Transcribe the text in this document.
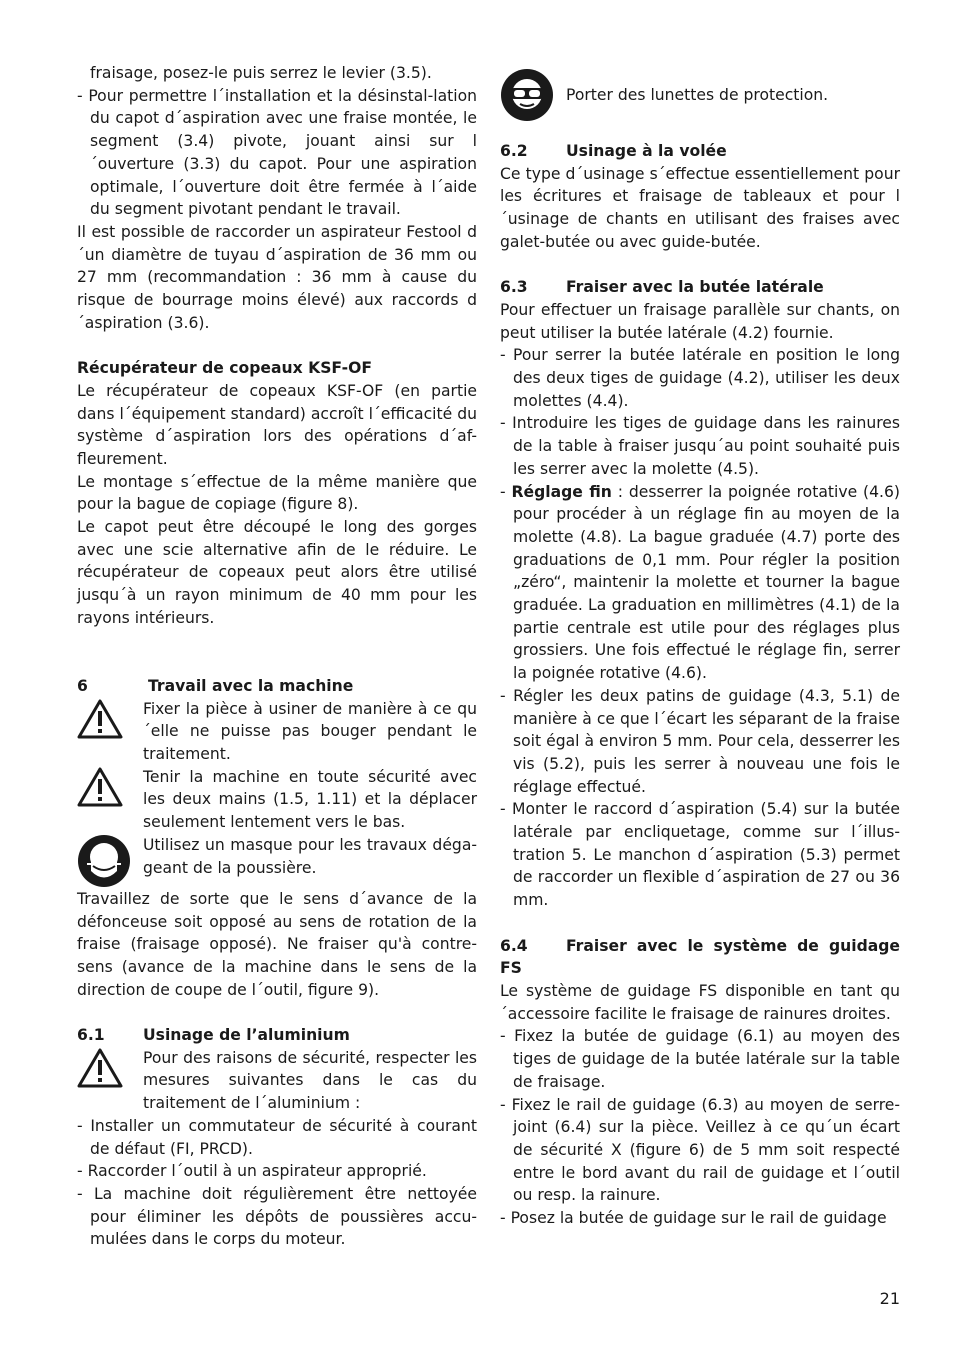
fraisage, posez-le puis serrez le levier (3.5).

- Pour permettre l´installation et la désinstal-lation du capot d´aspiration avec une fraise montée, le segment (3.4) pivote, jouant ainsi sur l´ouverture (3.3) du capot. Pour une aspiration optimale, l´ouverture doit être fermée à l´aide du segment pivotant pendant le travail.

Il est possible de raccorder un aspirateur Festool d´un diamètre de tuyau d´aspiration de 36 mm ou 27 mm (recommandation : 36 mm à cause du risque de bourrage moins élevé) aux raccords d´aspiration (3.6).

Récupérateur de copeaux KSF-OF

Le récupérateur de copeaux KSF-OF (en partie dans l´équipement standard) accroît l´efficacité du système d´aspiration lors des opérations d´af-fleurement.

Le montage s´effectue de la même manière que pour la bague de copiage (figure 8).

Le capot peut être découpé le long des gorges avec une scie alternative afin de le réduire. Le récupérateur de copeaux peut alors être utilisé jusqu´à un rayon minimum de 40 mm pour les rayons intérieurs.

6	Travail avec la machine

Fixer la pièce à usiner de manière à ce qu´elle ne puisse pas bouger pendant le traitement.
Tenir la machine en toute sécurité avec les deux mains (1.5, 1.11) et la déplacer seulement lentement vers le bas.
Utilisez un masque pour les travaux déga-geant de la poussière.

Travaillez de sorte que le sens d´avance de la défonceuse soit opposé au sens de rotation de la fraise (fraisage opposé). Ne fraiser qu'à contre-sens (avance de la machine dans le sens de la direction de coupe de l´outil, figure 9).

6.1 Usinage de l’aluminium

Pour des raisons de sécurité, respecter les mesures suivantes dans le cas du traitement de l´aluminium :

- Installer un commutateur de sécurité à courant de défaut (FI, PRCD).

- Raccorder l´outil à un aspirateur approprié.

- La machine doit régulièrement être nettoyée pour éliminer les dépôts de poussières accu-mulées dans le corps du moteur.

Porter des lunettes de protection.

6.2 Usinage à la volée

Ce type d´usinage s´effectue essentiellement pour les écritures et fraisage de tableaux et pour l´usinage de chants en utilisant des fraises avec galet-butée ou avec guide-butée.

6.3 Fraiser avec la butée latérale

Pour effectuer un fraisage parallèle sur chants, on peut utiliser la butée latérale (4.2) fournie.

- Pour serrer la butée latérale en position le long des deux tiges de guidage (4.2), utiliser les deux molettes (4.4).

- Introduire les tiges de guidage dans les rainures de la table à fraiser jusqu´au point souhaité puis les serrer avec la molette (4.5).

- Réglage fin : desserrer la poignée rotative (4.6) pour procéder à un réglage fin au moyen de la molette (4.8). La bague graduée (4.7) porte des graduations de 0,1 mm. Pour régler la position „zéro“, maintenir la molette et tourner la bague graduée. La graduation en millimètres (4.1) de la partie centrale est utile pour des réglages plus grossiers. Une fois effectué le réglage fin, serrer la poignée rotative (4.6).

- Régler les deux patins de guidage (4.3, 5.1) de manière à ce que l´écart les séparant de la fraise soit égal à environ 5 mm. Pour cela, desserrer les vis (5.2), puis les serrer à nouveau une fois le réglage effectué.

- Monter le raccord d´aspiration (5.4) sur la butée latérale par encliquetage, comme sur l´illus-tration 5. Le manchon d´aspiration (5.3) permet de raccorder un flexible d´aspiration de 27 ou 36 mm.

6.4 Fraiser avec le système de guidage FS

Le système de guidage FS disponible en tant qu´accessoire facilite le fraisage de rainures droites.

- Fixez la butée de guidage (6.1) au moyen des tiges de guidage de la butée latérale sur la table de fraisage.

- Fixez le rail de guidage (6.3) au moyen de serre-joint (6.4) sur la pièce. Veillez à ce qu´un écart de sécurité X (figure 6) de 5 mm soit respecté entre le bord avant du rail de guidage et l´outil ou resp. la rainure.

- Posez la butée de guidage sur le rail de guidage

21
